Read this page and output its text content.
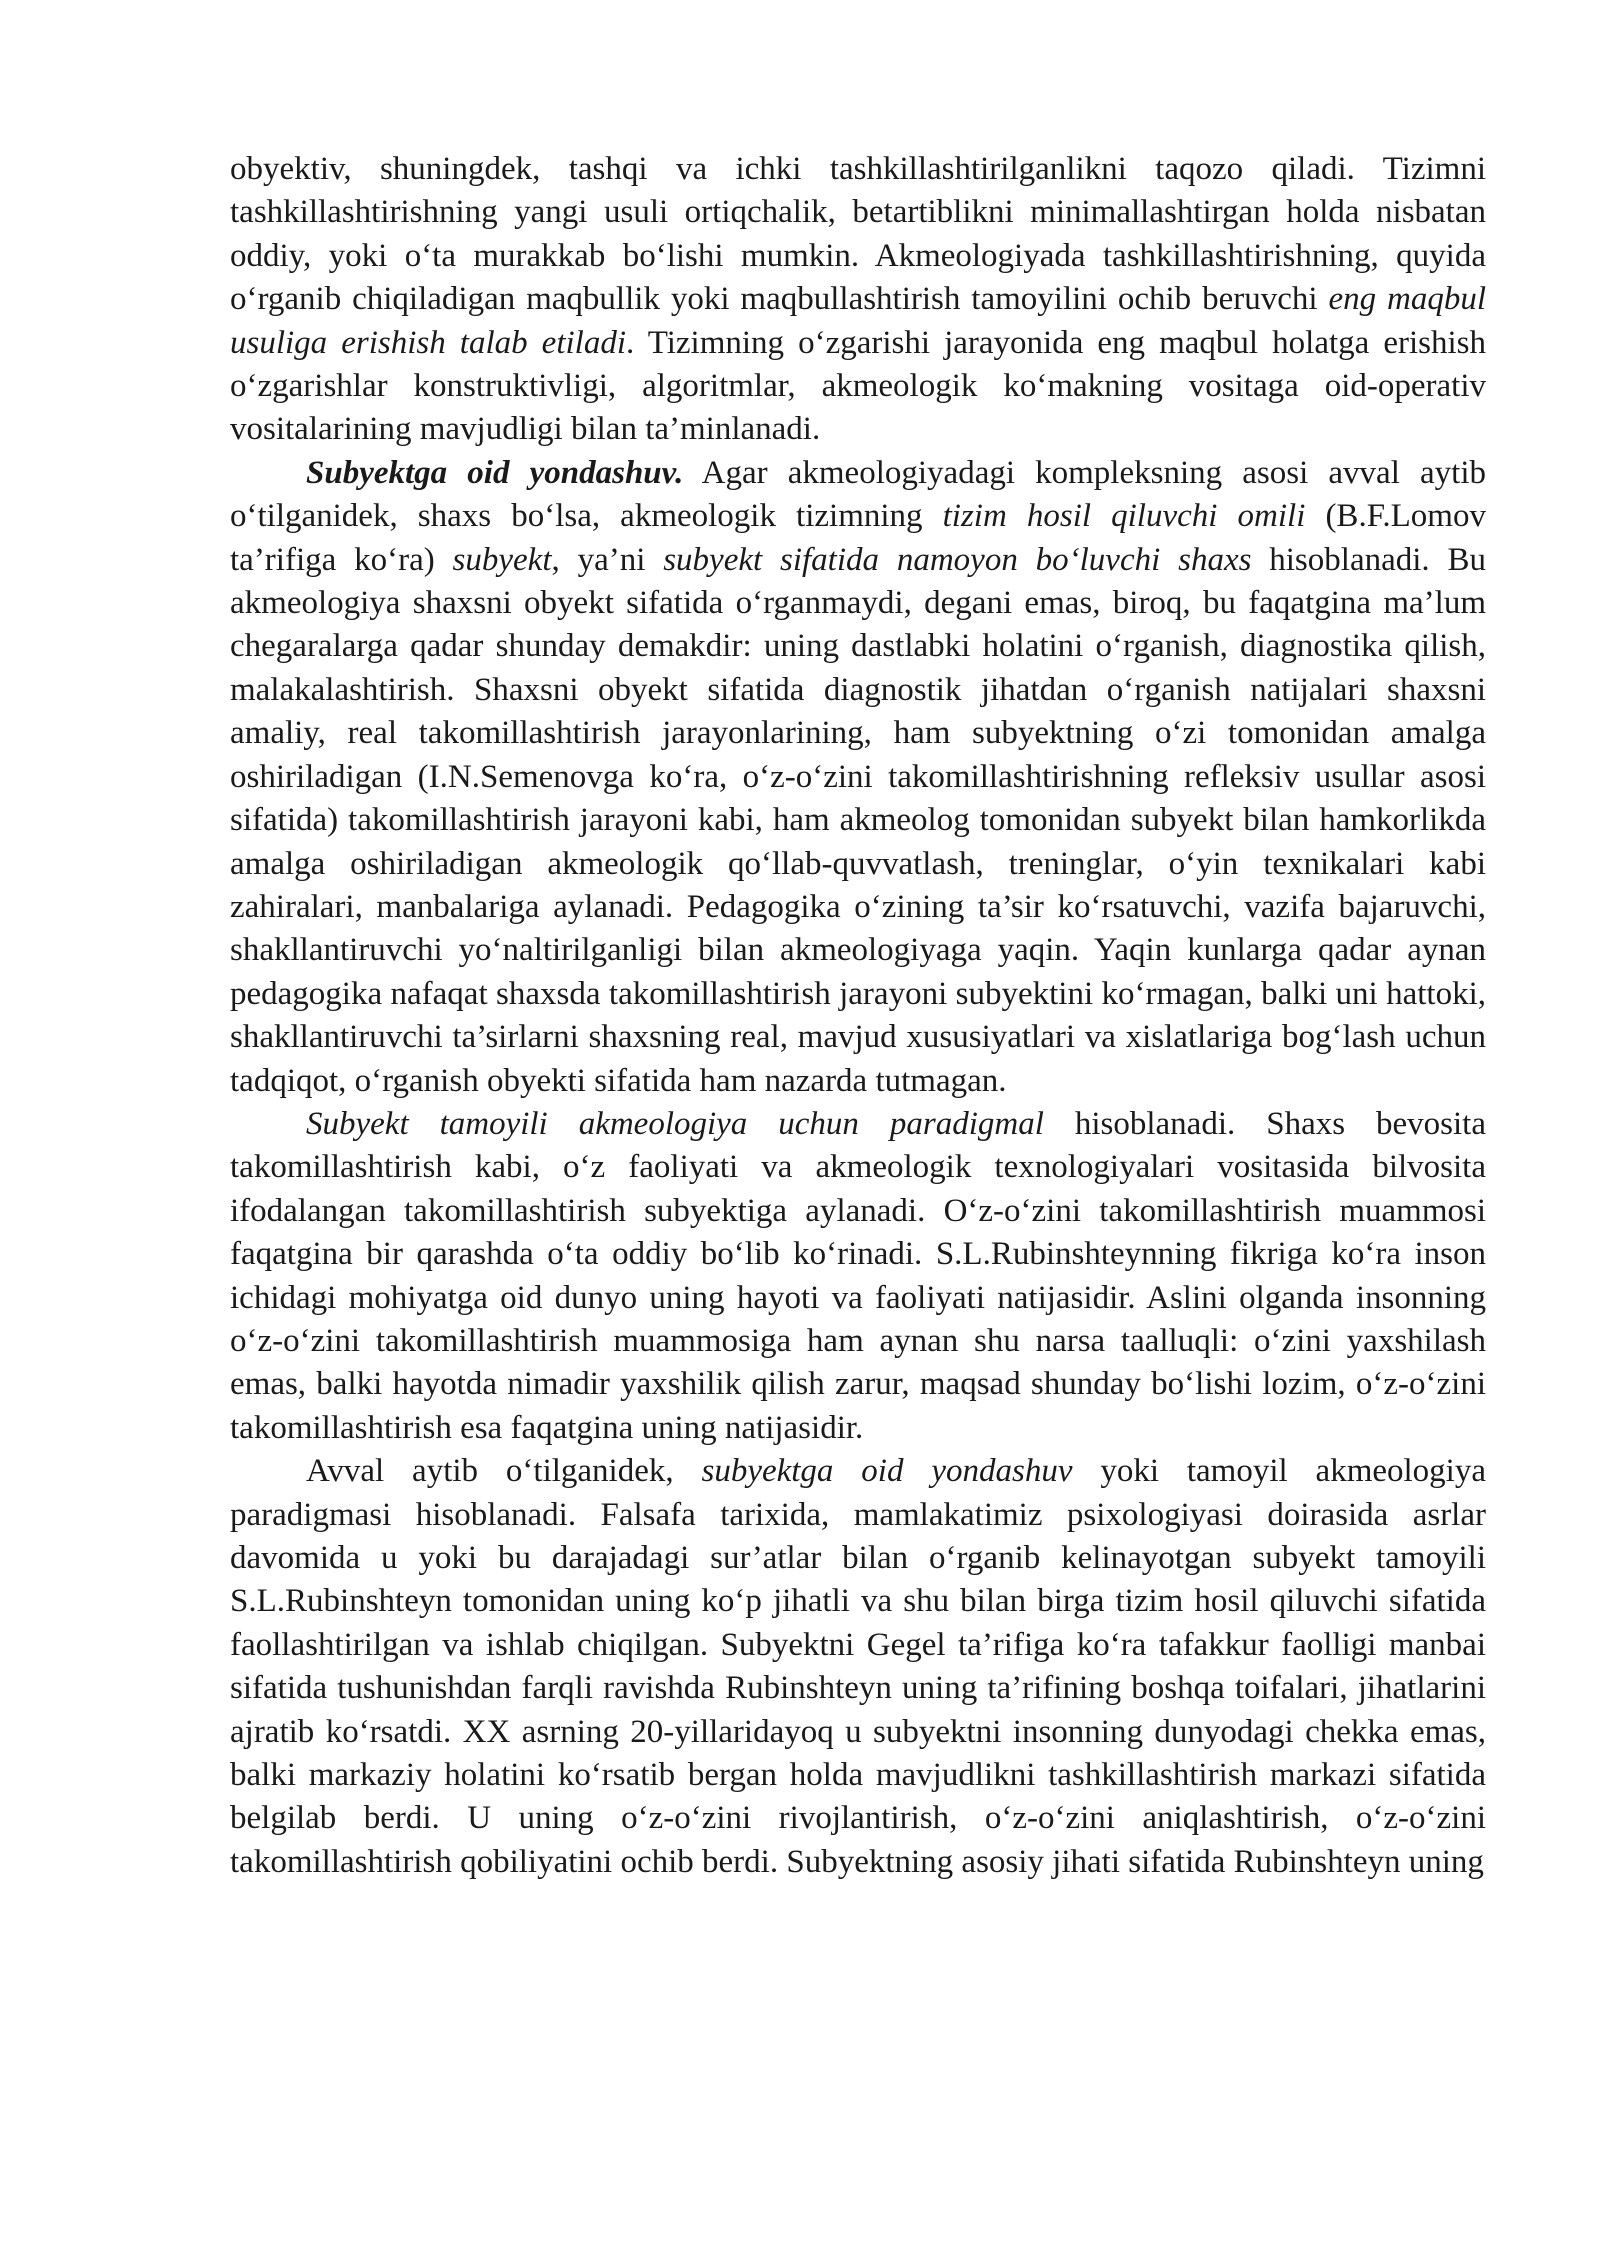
obyektiv, shuningdek, tashqi va ichki tashkillashtirilganlikni taqozo qiladi. Tizimni tashkillashtirishning yangi usuli ortiqchalik, betartiblikni minimallashtirgan holda nisbatan oddiy, yoki o‘ta murakkab bo‘lishi mumkin. Akmeologiyada tashkillashtirishning, quyida o‘rganib chiqiladigan maqbullik yoki maqbullashtirish tamoyilini ochib beruvchi eng maqbul usuliga erishish talab etiladi. Tizimning o‘zgarishi jarayonida eng maqbul holatga erishish o‘zgarishlar konstruktivligi, algoritmlar, akmeologik ko‘makning vositaga oid-operativ vositalarining mavjudligi bilan ta’minlanadi.

Subyektga oid yondashuv. Agar akmeologiyadagi kompleksning asosi avval aytib o‘tilganidek, shaxs bo‘lsa, akmeologik tizimning tizim hosil qiluvchi omili (B.F.Lomov ta’rifiga ko‘ra) subyekt, ya’ni subyekt sifatida namoyon bo‘luvchi shaxs hisoblanadi. Bu akmeologiya shaxsni obyekt sifatida o‘rganmaydi, degani emas, biroq, bu faqatgina ma’lum chegaralarga qadar shunday demakdir: uning dastlabki holatini o‘rganish, diagnostika qilish, malakalashtirish. Shaxsni obyekt sifatida diagnostik jihatdan o‘rganish natijalari shaxsni amaliy, real takomillashtirish jarayonlarining, ham subyektning o‘zi tomonidan amalga oshiriladigan (I.N.Semenovga ko‘ra, o‘z-o‘zini takomillashtirishning refleksiv usullar asosi sifatida) takomillashtirish jarayoni kabi, ham akmeolog tomonidan subyekt bilan hamkorlikda amalga oshiriladigan akmeologik qo‘llab-quvvatlash, treninglar, o‘yin texnikalari kabi zahiralari, manbalariga aylanadi. Pedagogika o‘zining ta’sir ko‘rsatuvchi, vazifa bajaruvchi, shakllantiruvchi yo‘naltirilganligi bilan akmeologiyaga yaqin. Yaqin kunlarga qadar aynan pedagogika nafaqat shaxsda takomillashtirish jarayoni subyektini ko‘rmagan, balki uni hattoki, shakllantiruvchi ta’sirlarni shaxsning real, mavjud xususiyatlari va xislatlariga bog‘lash uchun tadqiqot, o‘rganish obyekti sifatida ham nazarda tutmagan.

Subyekt tamoyili akmeologiya uchun paradigmal hisoblanadi. Shaxs bevosita takomillashtirish kabi, o‘z faoliyati va akmeologik texnologiyalari vositasida bilvosita ifodalangan takomillashtirish subyektiga aylanadi. O‘z-o‘zini takomillashtirish muammosi faqatgina bir qarashda o‘ta oddiy bo‘lib ko‘rinadi. S.L.Rubinshteynning fikriga ko‘ra inson ichidagi mohiyatga oid dunyo uning hayoti va faoliyati natijasidir. Aslini olganda insonning o‘z-o‘zini takomillashtirish muammosiga ham aynan shu narsa taalluqli: o‘zini yaxshilash emas, balki hayotda nimadir yaxshilik qilish zarur, maqsad shunday bo‘lishi lozim, o‘z-o‘zini takomillashtirish esa faqatgina uning natijasidir.

Avval aytib o‘tilganidek, subyektga oid yondashuv yoki tamoyil akmeologiya paradigmasi hisoblanadi. Falsafa tarixida, mamlakatimiz psixologiyasi doirasida asrlar davomida u yoki bu darajadagi sur’atlar bilan o‘rganib kelinayotgan subyekt tamoyili S.L.Rubinshteyn tomonidan uning ko‘p jihatli va shu bilan birga tizim hosil qiluvchi sifatida faollashtirilgan va ishlab chiqilgan. Subyektni Gegel ta’rifiga ko‘ra tafakkur faolligi manbai sifatida tushunishdan farqli ravishda Rubinshteyn uning ta’rifining boshqa toifalari, jihatlarini ajratib ko‘rsatdi. XX asrning 20-yillaridayoq u subyektni insonning dunyodagi chekka emas, balki markaziy holatini ko‘rsatib bergan holda mavjudlikni tashkillashtirish markazi sifatida belgilab berdi. U uning o‘z-o‘zini rivojlantirish, o‘z-o‘zini aniqlashtirish, o‘z-o‘zini takomillashtirish qobiliyatini ochib berdi. Subyektning asosiy jihati sifatida Rubinshteyn uning
